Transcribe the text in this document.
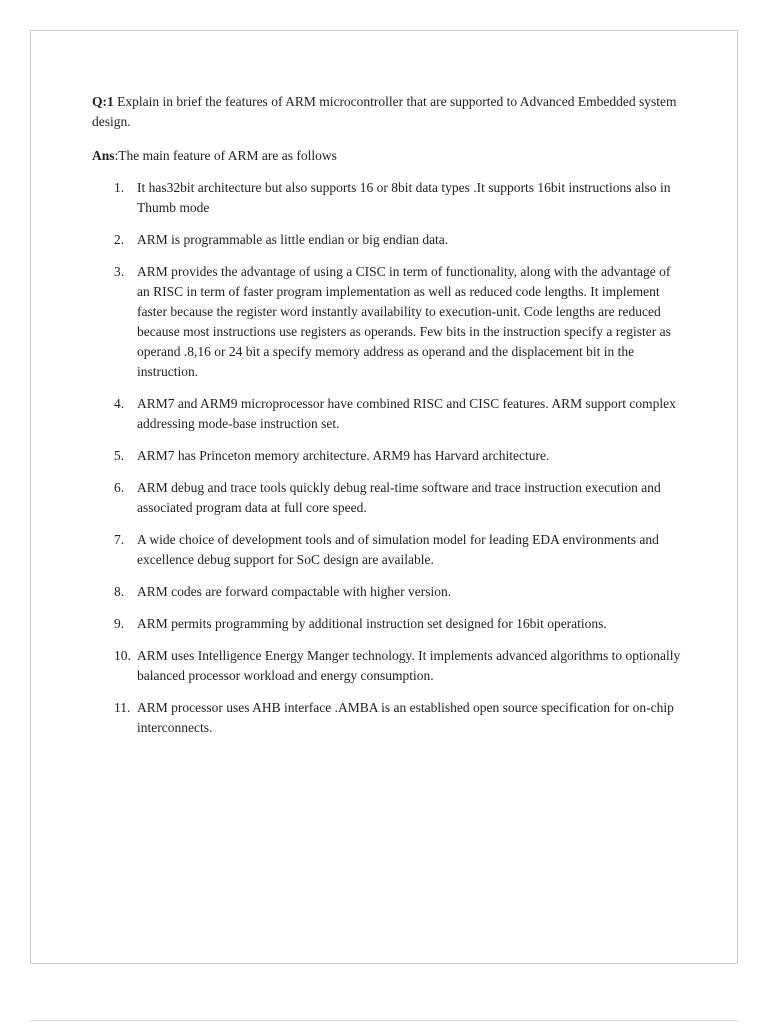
Q:1 Explain in brief the features of ARM microcontroller that are supported to Advanced Embedded system design.

Ans:The main feature of ARM are as follows

1. It has32bit architecture but also supports 16 or 8bit data types .It supports 16bit instructions also in Thumb mode
2. ARM is programmable as little endian or big endian data.
3. ARM provides the advantage of using a CISC in term of functionality, along with the advantage of an RISC in term of faster program implementation as well as reduced code lengths. It implement faster because the register word instantly availability to execution-unit. Code lengths are reduced because most instructions use registers as operands. Few bits in the instruction specify a register as operand .8,16 or 24 bit a specify memory address as operand and the displacement bit in the instruction.
4. ARM7 and ARM9 microprocessor have combined RISC and CISC features. ARM support complex addressing mode-base instruction set.
5. ARM7 has Princeton memory architecture. ARM9 has Harvard architecture.
6. ARM debug and trace tools quickly debug real-time software and trace instruction execution and associated program data at full core speed.
7. A wide choice of development tools and of simulation model for leading EDA environments and excellence debug support for SoC design are available.
8. ARM codes are forward compactable with higher version.
9. ARM permits programming by additional instruction set designed for 16bit operations.
10. ARM uses Intelligence Energy Manger technology. It implements advanced algorithms to optionally balanced processor workload and energy consumption.
11. ARM processor uses AHB interface .AMBA is an established open source specification for on-chip interconnects.
